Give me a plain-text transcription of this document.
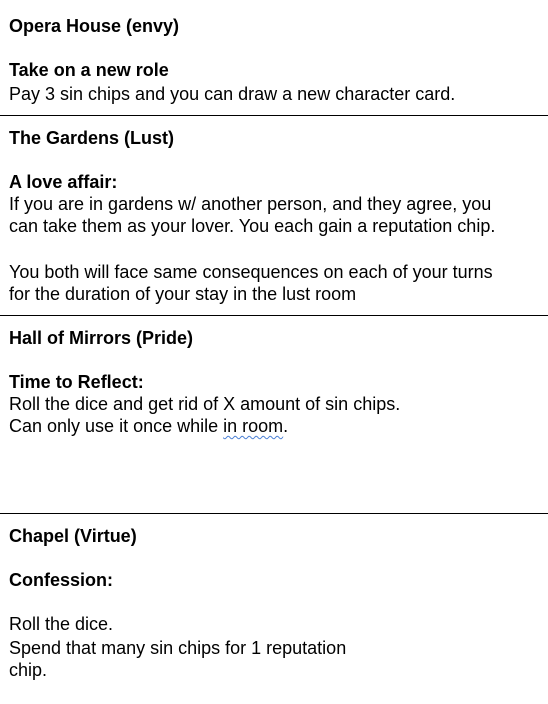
Opera House (envy)
Take on a new role
Pay 3 sin chips and you can draw a new character card.
The Gardens (Lust)
A love affair:
If you are in gardens w/ another person, and they agree, you
can take them as your lover. You each gain a reputation chip.
You both will face same consequences on each of your turns
for the duration of your stay in the lust room
Hall of Mirrors (Pride)
Time to Reflect:
Roll the dice and get rid of X amount of sin chips.
Can only use it once while in room.
Chapel (Virtue)
Confession:
Roll the dice.
Spend that many sin chips for 1 reputation
chip.
